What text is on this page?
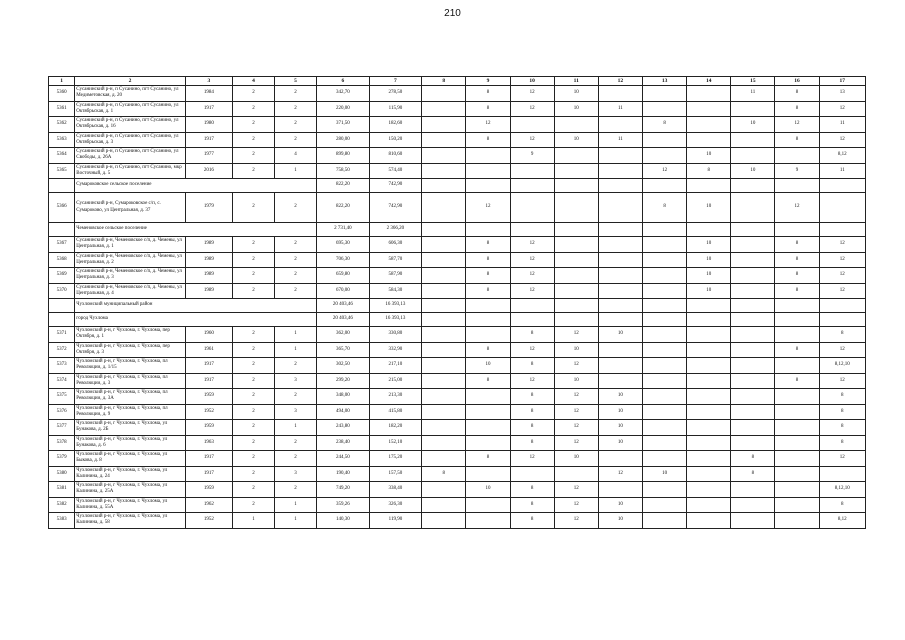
210
1	2	3	4	5	6	7	8	9	10	11	12	13	14	15	16	17
5360	Сусанинский р-н, п Сусанино, пгт Сусанино, ул Медиметовская, д. 20	1984	2	2	342,70	278,50		8	12	10				11	8	13
5361	Сусанинский р-н, п Сусанино, пгт Сусанино, ул Октябрьская, д. 1	1917	2	2	220,00	115,90		8	12	10	11				8	12
5362	Сусанинский р-н, п Сусанино, пгт Сусанино, ул Октябрьская, д. 16	1980	2	2	371,50	182,60		12				8		10	12	11
5363	Сусанинский р-н, п Сусанино, пгт Сусанино, ул Октябрьская, д. 3	1917	2	2	280,00	150,20		8	12	10	11				8	12
5364	Сусанинский р-н, п Сусанино, пгт Сусанино, ул Свободы, д. 26А	1977	2	4	899,80	810,60			9				10			8,12
5365	Сусанинский р-н, п Сусанино, пгт Сусанино, мкр Восточный, д. 5	2016	2	1	758,50	574,40						12	8	10	9	11
	Сумароковское сельское поселение				822,20	742,90										
5366	Сусанинский р-н, Сумароковское с/п, с. Сумароково, ул Центральная, д. 37	1979	2	2	822,20	742,90		12				8	10		12	
	Чеменовское сельское поселение				2 731,40	2 366,20										
5367	Сусанинский р-н, Чеменовское с/п, д. Чемены, ул Центральная, д. 1	1989	2	2	695,30	606,30		8	12				10		8	12
5368	Сусанинский р-н, Чеменовское с/п, д. Чемены, ул Центральная, д. 2	1989	2	2	706,30	587,70		8	12				10		8	12
5369	Сусанинский р-н, Чеменовское с/п, д. Чемены, ул Центральная, д. 3	1989	2	2	659,80	587,90		8	12				10		8	12
5370	Сусанинский р-н, Чеменовское с/п, д. Чемены, ул Центральная, д. 4	1989	2	2	670,00	584,30		8	12				10		8	12
	Чухломский муниципальный район				20 403,46	16 393,13										
	город Чухлома				20 403,46	16 393,13										
5371	Чухломский р-н, г Чухлома, г. Чухлома, пер Октября, д. 1	1960	2	1	362,00	330,80			8	12	10					8
5372	Чухломский р-н, г Чухлома, г. Чухлома, пер Октября, д. 3	1961	2	1	365,70	332,90		8	12	10					8	12
5373	Чухломский р-н, г Чухлома, г. Чухлома, пл Революции, д. 1/15	1917	2	2	302,50	217,10		10	8	12						8,12,10
5374	Чухломский р-н, г Чухлома, г. Чухлома, пл Революции, д. 3	1917	2	3	299,20	215,00		8	12	10					8	12
5375	Чухломский р-н, г Чухлома, г. Чухлома, пл Революции, д. 3А	1959	2	2	348,00	213,30			8	12	10					8
5376	Чухломский р-н, г Чухлома, г. Чухлома, пл Революции, д. 9	1952	2	3	494,00	415,80			8	12	10					8
5377	Чухломский р-н, г Чухлома, г. Чухлома, ул Бунакова, д. 2Б	1959	2	1	243,80	182,20			8	12	10					8
5378	Чухломский р-н, г Чухлома, г. Чухлома, ул Бунакова, д. 6	1963	2	2	238,40	152,10			8	12	10					8
5379	Чухломский р-н, г Чухлома, г. Чухлома, ул Быкова, д. 8	1917	2	2	244,50	175,20		8	12	10				8		12
5380	Чухломский р-н, г Чухлома, г. Чухлома, ул Калинина, д. 24	1917	2	3	190,40	157,50	8				12	10		8		
5381	Чухломский р-н, г Чухлома, г. Чухлома, ул Калинина, д. 25А	1959	2	2	749,20	338,40		10	8	12						8,12,10
5382	Чухломский р-н, г Чухлома, г. Чухлома, ул Калинина, д. 55А	1962	2	1	359,26	326,30			8	12	10					8
5383	Чухломский р-н, г Чухлома, г. Чухлома, ул Калинина, д. 58	1952	1	1	140,30	119,90			8	12	10					8,12
